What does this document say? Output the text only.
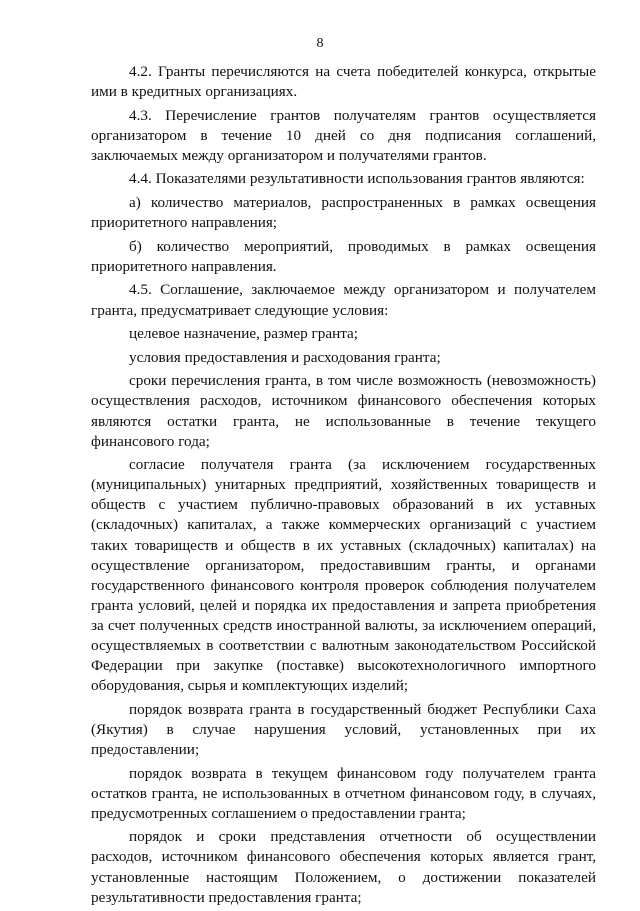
8

4.2. Гранты перечисляются на счета победителей конкурса, открытые ими в кредитных организациях.

4.3. Перечисление грантов получателям грантов осуществляется организатором в течение 10 дней со дня подписания соглашений, заключаемых между организатором и получателями грантов.

4.4. Показателями результативности использования грантов являются:

а) количество материалов, распространенных в рамках освещения приоритетного направления;

б) количество мероприятий, проводимых в рамках освещения приоритетного направления.

4.5. Соглашение, заключаемое между организатором и получателем гранта, предусматривает следующие условия:

целевое назначение, размер гранта;

условия предоставления и расходования гранта;

сроки перечисления гранта, в том числе возможность (невозможность) осуществления расходов, источником финансового обеспечения которых являются остатки гранта, не использованные в течение текущего финансового года;

согласие получателя гранта (за исключением государственных (муниципальных) унитарных предприятий, хозяйственных товариществ и обществ с участием публично-правовых образований в их уставных (складочных) капиталах, а также коммерческих организаций с участием таких товариществ и обществ в их уставных (складочных) капиталах) на осуществление организатором, предоставившим гранты, и органами государственного финансового контроля проверок соблюдения получателем гранта условий, целей и порядка их предоставления и запрета приобретения за счет полученных средств иностранной валюты, за исключением операций, осуществляемых в соответствии с валютным законодательством Российской Федерации при закупке (поставке) высокотехнологичного импортного оборудования, сырья и комплектующих изделий;

порядок возврата гранта в государственный бюджет Республики Саха (Якутия) в случае нарушения условий, установленных при их предоставлении;

порядок возврата в текущем финансовом году получателем гранта остатков гранта, не использованных в отчетном финансовом году, в случаях, предусмотренных соглашением о предоставлении гранта;

порядок и сроки представления отчетности об осуществлении расходов, источником финансового обеспечения которых является грант, установленные настоящим Положением, о достижении показателей результативности предоставления гранта;
